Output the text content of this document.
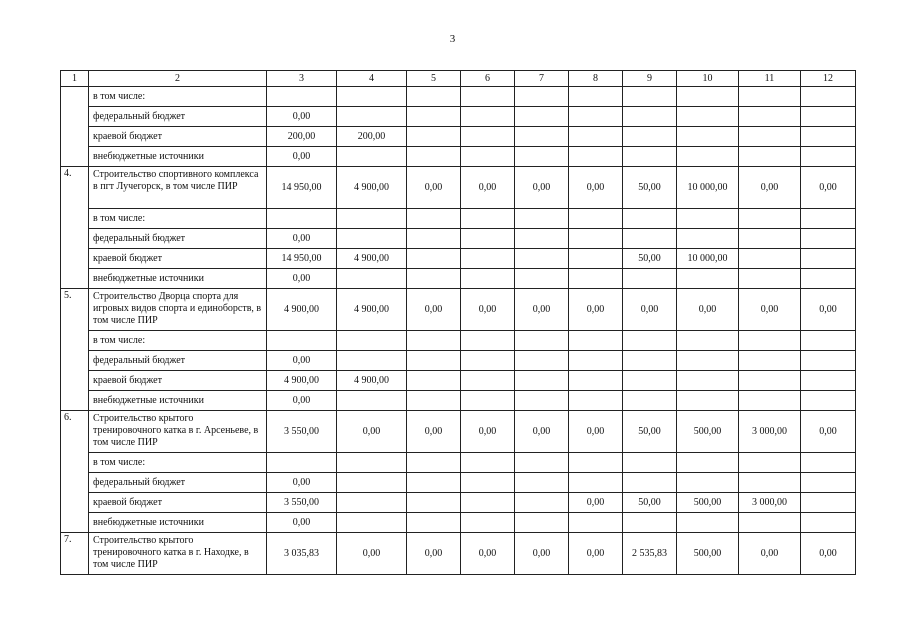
3
1	2	3	4	5	6	7	8	9	10	11	12
	в том числе:										
	федеральный бюджет	0,00									
	краевой бюджет	200,00	200,00								
	внебюджетные источники	0,00									
4.	Строительство спортивного комплекса в пгт Лучегорск, в том числе ПИР	14 950,00	4 900,00	0,00	0,00	0,00	0,00	50,00	10 000,00	0,00	0,00
	в том числе:										
	федеральный бюджет	0,00									
	краевой бюджет	14 950,00	4 900,00					50,00	10 000,00		
	внебюджетные источники	0,00									
5.	Строительство Дворца спорта для игровых видов спорта и единоборств, в том числе ПИР	4 900,00	4 900,00	0,00	0,00	0,00	0,00	0,00	0,00	0,00	0,00
	в том числе:										
	федеральный бюджет	0,00									
	краевой бюджет	4 900,00	4 900,00								
	внебюджетные источники	0,00									
6.	Строительство крытого тренировочного катка в г. Арсеньеве, в том числе ПИР	3 550,00	0,00	0,00	0,00	0,00	0,00	50,00	500,00	3 000,00	0,00
	в том числе:										
	федеральный бюджет	0,00									
	краевой бюджет	3 550,00					0,00	50,00	500,00	3 000,00	
	внебюджетные источники	0,00									
7.	Строительство крытого тренировочного катка в г. Находке, в том числе ПИР	3 035,83	0,00	0,00	0,00	0,00	0,00	2 535,83	500,00	0,00	0,00
